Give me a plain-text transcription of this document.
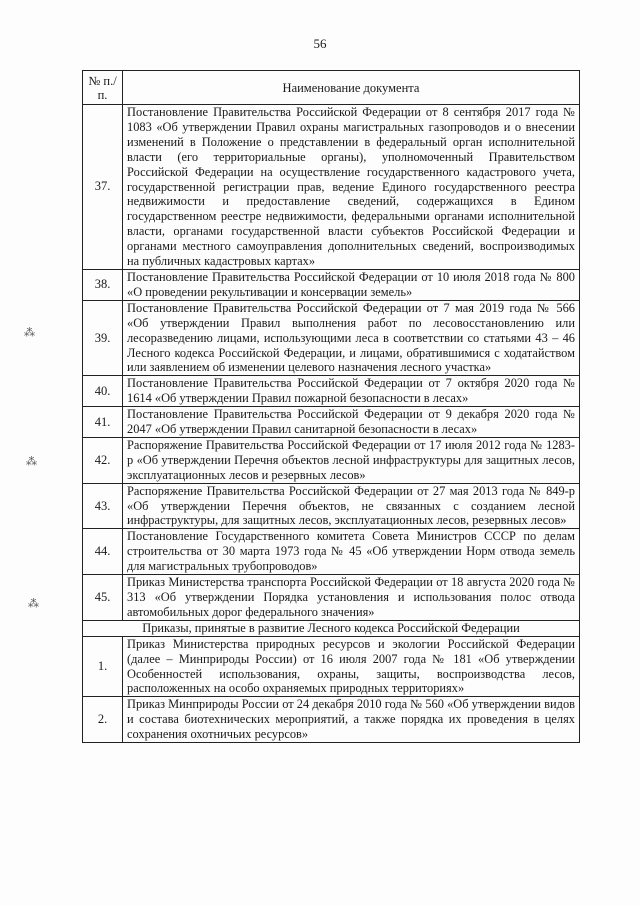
56
⁂
⁂
⁂
№ п./п.	Наименование документа
37.	Постановление Правительства Российской Федерации от 8 сентября 2017 года № 1083 «Об утверждении Правил охраны магистральных газопроводов и о внесении изменений в Положение о представлении в федеральный орган исполнительной власти (его территориальные органы), уполномоченный Правительством Российской Федерации на осуществление государственного кадастрового учета, государственной регистрации прав, ведение Единого государственного реестра недвижимости и предоставление сведений, содержащихся в Едином государственном реестре недвижимости, федеральными органами исполнительной власти, органами государственной власти субъектов Российской Федерации и органами местного самоуправления дополнительных сведений, воспроизводимых на публичных кадастровых картах»
38.	Постановление Правительства Российской Федерации от 10 июля 2018 года № 800 «О проведении рекультивации и консервации земель»
39.	Постановление Правительства Российской Федерации от 7 мая 2019 года № 566 «Об утверждении Правил выполнения работ по лесовосстановлению или лесоразведению лицами, использующими леса в соответствии со статьями 43 – 46 Лесного кодекса Российской Федерации, и лицами, обратившимися с ходатайством или заявлением об изменении целевого назначения лесного участка»
40.	Постановление Правительства Российской Федерации от 7 октября 2020 года № 1614 «Об утверждении Правил пожарной безопасности в лесах»
41.	Постановление Правительства Российской Федерации от 9 декабря 2020 года № 2047 «Об утверждении Правил санитарной безопасности в лесах»
42.	Распоряжение Правительства Российской Федерации от 17 июля 2012 года № 1283-р «Об утверждении Перечня объектов лесной инфраструктуры для защитных лесов, эксплуатационных лесов и резервных лесов»
43.	Распоряжение Правительства Российской Федерации от 27 мая 2013 года № 849-р «Об утверждении Перечня объектов, не связанных с созданием лесной инфраструктуры, для защитных лесов, эксплуатационных лесов, резервных лесов»
44.	Постановление Государственного комитета Совета Министров СССР по делам строительства от 30 марта 1973 года № 45 «Об утверждении Норм отвода земель для магистральных трубопроводов»
45.	Приказ Министерства транспорта Российской Федерации от 18 августа 2020 года № 313 «Об утверждении Порядка установления и использования полос отвода автомобильных дорог федерального значения»
Приказы, принятые в развитие Лесного кодекса Российской Федерации	
1.	Приказ Министерства природных ресурсов и экологии Российской Федерации (далее – Минприроды России) от 16 июля 2007 года № 181 «Об утверждении Особенностей использования, охраны, защиты, воспроизводства лесов, расположенных на особо охраняемых природных территориях»
2.	Приказ Минприроды России от 24 декабря 2010 года № 560 «Об утверждении видов и состава биотехнических мероприятий, а также порядка их проведения в целях сохранения охотничьих ресурсов»
